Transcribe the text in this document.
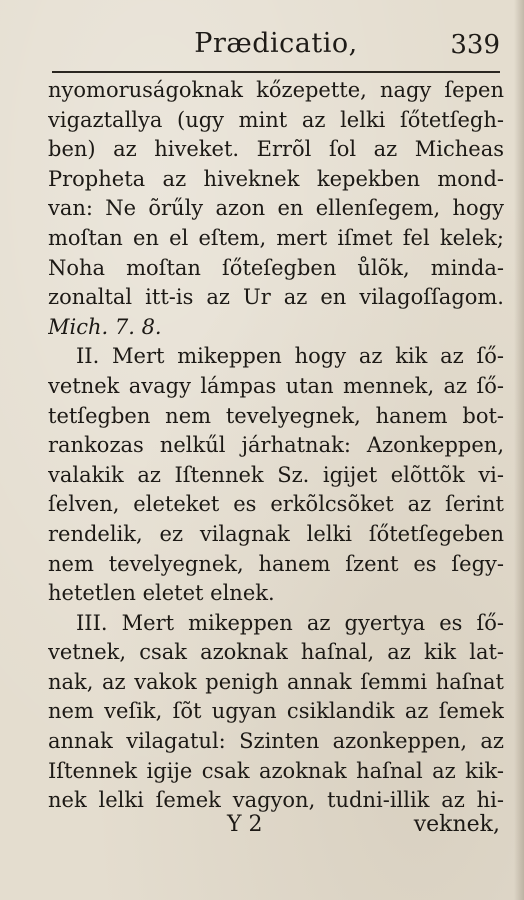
Prædicatio,	339
nyomoruságoknak kőzepette, nagy ſepen
vigaztallya (ugy mint az lelki ſőtetſegh-
ben) az hiveket. Errõl ſol az Micheas
Propheta az hiveknek kepekben mond-
van: Ne õrűly azon en ellenſegem, hogy
moſtan en el eſtem, mert iſmet fel kelek;
Noha moſtan ſőteſegben ůlõk, minda-
zonaltal itt-is az Ur az en vilagoſſagom.
Mich. 7. 8.
II. Mert mikeppen hogy az kik az ſő-
vetnek avagy lámpas utan mennek, az ſő-
tetſegben nem tevelyegnek, hanem bot-
rankozas nelkűl járhatnak: Azonkeppen,
valakik az Iſtennek Sz. igijet elõttõk vi-
ſelven, eleteket es erkõlcsõket az ſerint
rendelik, ez vilagnak lelki ſőtetſegeben
nem tevelyegnek, hanem ſzent es ſegy-
hetetlen eletet elnek.
III. Mert mikeppen az gyertya es ſő-
vetnek, csak azoknak haſnal, az kik lat-
nak, az vakok penigh annak ſemmi haſnat
nem veſik, ſõt ugyan csiklandik az ſemek
annak vilagatul: Szinten azonkeppen, az
Iſtennek igije csak azoknak haſnal az kik-
nek lelki ſemek vagyon, tudni-illik az hi-
Y 2	veknek,
